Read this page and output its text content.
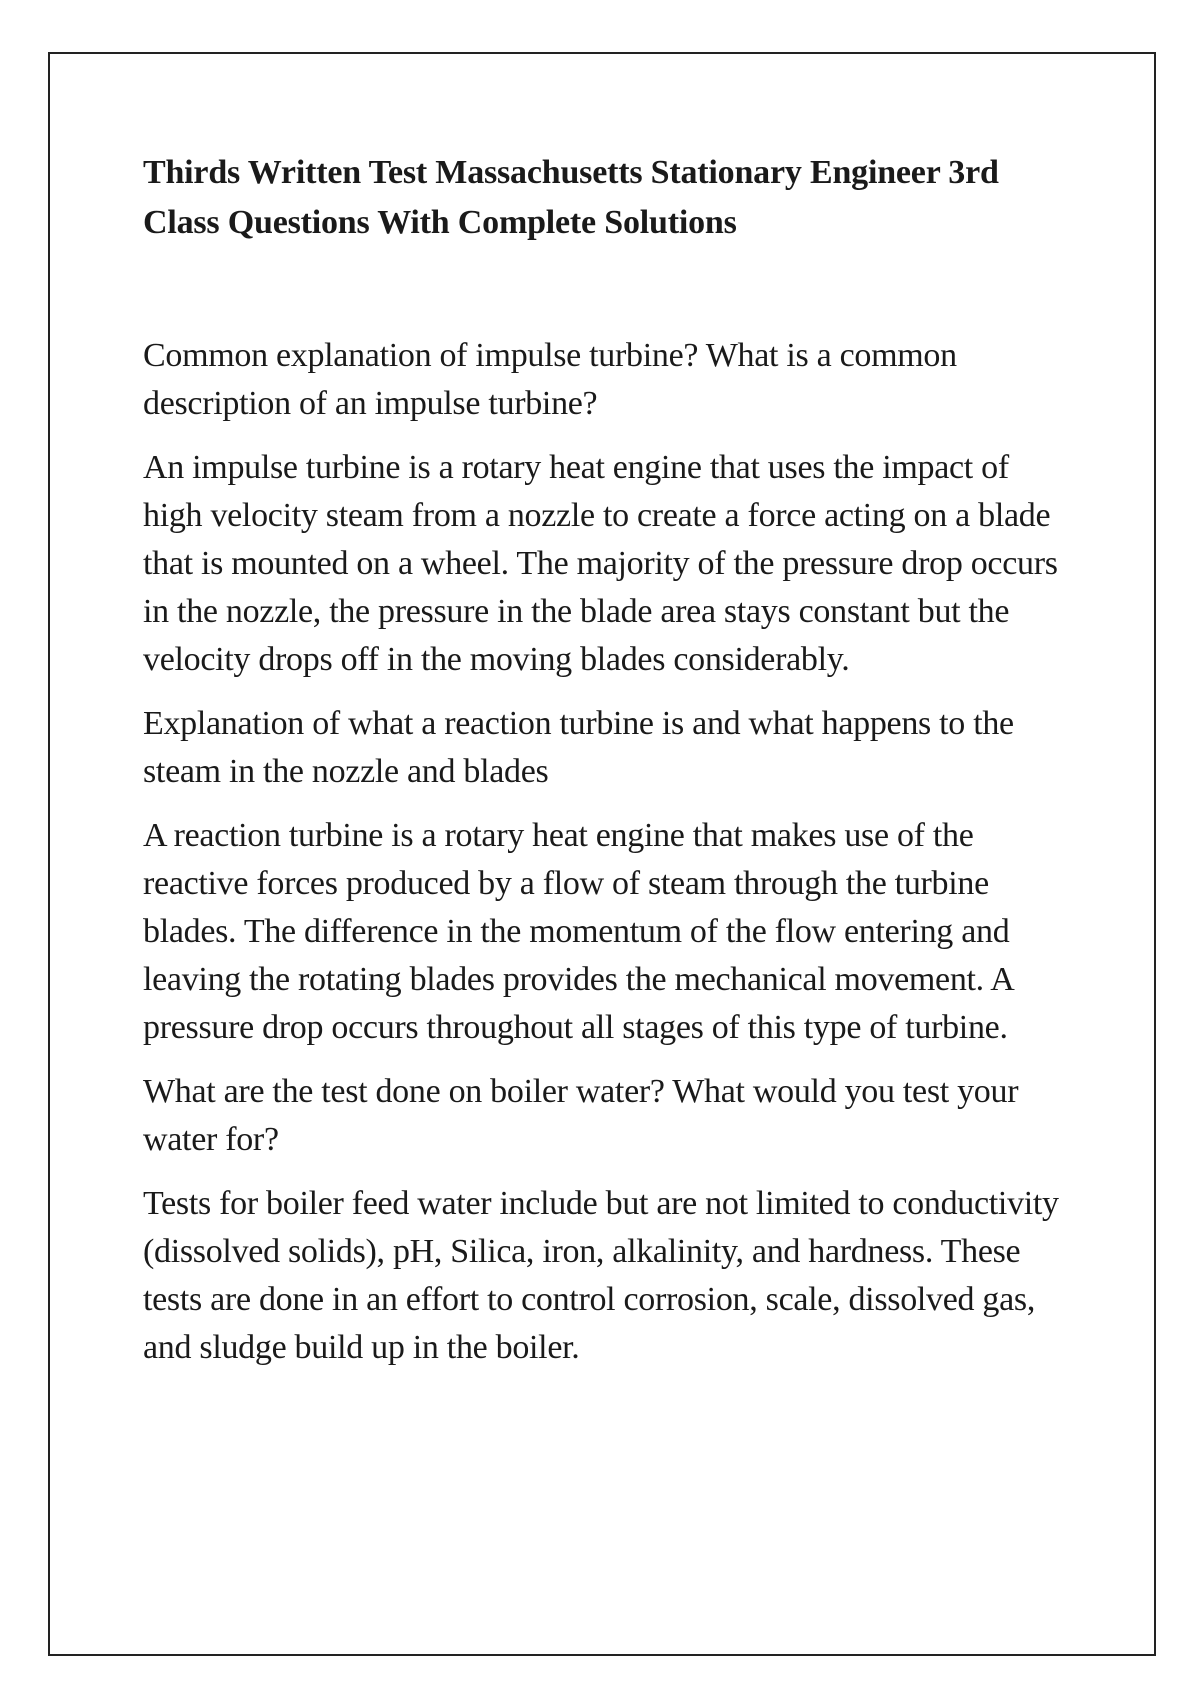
Thirds Written Test Massachusetts Stationary Engineer 3rd Class Questions With Complete Solutions

Common explanation of impulse turbine? What is a common description of an impulse turbine?

An impulse turbine is a rotary heat engine that uses the impact of high velocity steam from a nozzle to create a force acting on a blade that is mounted on a wheel. The majority of the pressure drop occurs in the nozzle, the pressure in the blade area stays constant but the velocity drops off in the moving blades considerably.

Explanation of what a reaction turbine is and what happens to the steam in the nozzle and blades

A reaction turbine is a rotary heat engine that makes use of the reactive forces produced by a flow of steam through the turbine blades. The difference in the momentum of the flow entering and leaving the rotating blades provides the mechanical movement. A pressure drop occurs throughout all stages of this type of turbine.

What are the test done on boiler water? What would you test your water for?

Tests for boiler feed water include but are not limited to conductivity (dissolved solids), pH, Silica, iron, alkalinity, and hardness. These tests are done in an effort to control corrosion, scale, dissolved gas, and sludge build up in the boiler.
